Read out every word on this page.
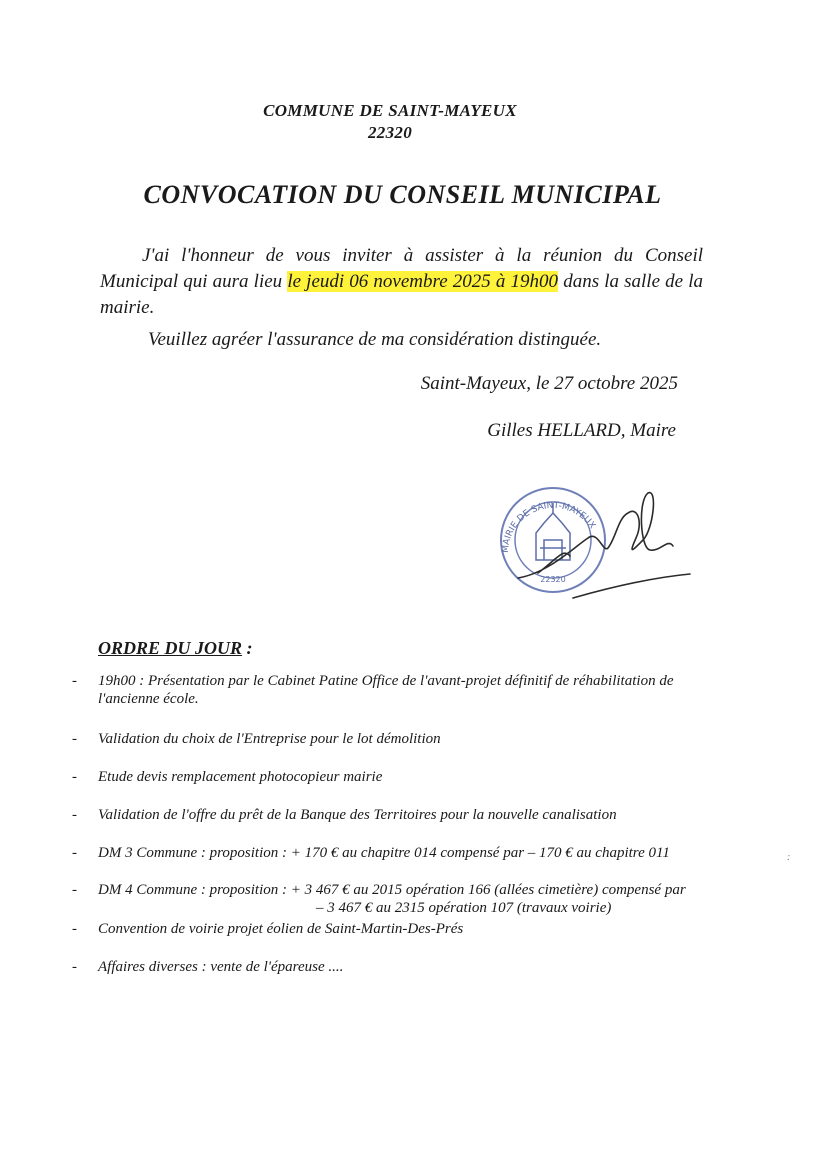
COMMUNE DE SAINT-MAYEUX
22320
CONVOCATION DU CONSEIL MUNICIPAL
J'ai l'honneur de vous inviter à assister à la réunion du Conseil Municipal qui aura lieu le jeudi 06 novembre 2025 à 19h00 dans la salle de la mairie.
Veuillez agréer l'assurance de ma considération distinguée.
Saint-Mayeux, le 27 octobre 2025
Gilles HELLARD, Maire
MAIRIE DE SAINT-MAYEUX
22320
ORDRE DU JOUR :
- 19h00 : Présentation par le Cabinet Patine Office de l'avant-projet définitif de réhabilitation de
l'ancienne école.
- Validation du choix de l'Entreprise pour le lot démolition
- Etude devis remplacement photocopieur mairie
- Validation de l'offre du prêt de la Banque des Territoires pour la nouvelle canalisation
- DM 3 Commune : proposition : + 170 € au chapitre 014 compensé par – 170 € au chapitre 011
- DM 4 Commune : proposition : + 3 467 € au 2015 opération 166 (allées cimetière) compensé par
– 3 467 € au 2315 opération 107 (travaux voirie)
- Convention de voirie projet éolien de Saint-Martin-Des-Prés
- Affaires diverses : vente de l'épareuse ....
:
